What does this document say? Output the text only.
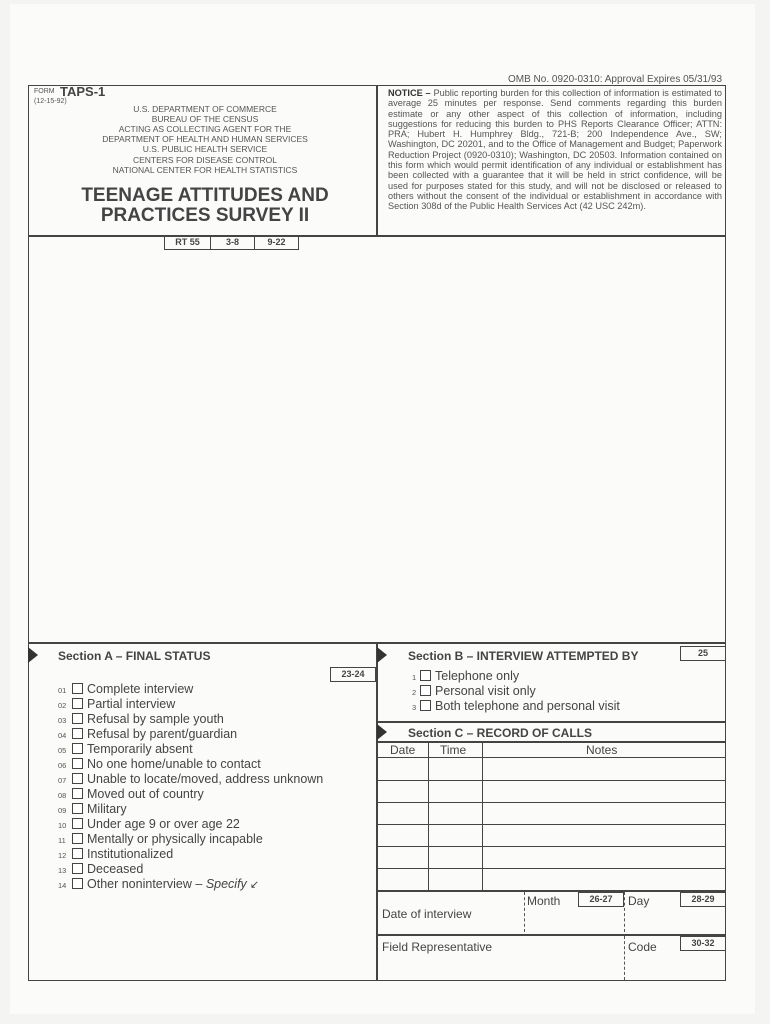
OMB No. 0920-0310: Approval Expires 05/31/93
FORM TAPS-1
(12-15-92)
U.S. DEPARTMENT OF COMMERCE
BUREAU OF THE CENSUS
ACTING AS COLLECTING AGENT FOR THE
DEPARTMENT OF HEALTH AND HUMAN SERVICES
U.S. PUBLIC HEALTH SERVICE
CENTERS FOR DISEASE CONTROL
NATIONAL CENTER FOR HEALTH STATISTICS
TEENAGE ATTITUDES AND
PRACTICES SURVEY II
NOTICE – Public reporting burden for this collection of information is estimated to average 25 minutes per response. Send comments regarding this burden estimate or any other aspect of this collection of information, including suggestions for reducing this burden to PHS Reports Clearance Officer; ATTN: PRA; Hubert H. Humphrey Bldg., 721-B; 200 Independence Ave., SW; Washington, DC 20201, and to the Office of Management and Budget; Paperwork Reduction Project (0920-0310); Washington, DC 20503. Information contained on this form which would permit identification of any individual or establishment has been collected with a guarantee that it will be held in strict confidence, will be used for purposes stated for this study, and will not be disclosed or released to others without the consent of the individual or establishment in accordance with Section 308d of the Public Health Services Act (42 USC 242m).
RT 55	3-8	9-22
Section A – FINAL STATUS
23-24
01 Complete interview
02 Partial interview
03 Refusal by sample youth
04 Refusal by parent/guardian
05 Temporarily absent
06 No one home/unable to contact
07 Unable to locate/moved, address unknown
08 Moved out of country
09 Military
10 Under age 9 or over age 22
11 Mentally or physically incapable
12 Institutionalized
13 Deceased
14 Other noninterview – Specify ↙
Section B – INTERVIEW ATTEMPTED BY	25
1 Telephone only
2 Personal visit only
3 Both telephone and personal visit
Section C – RECORD OF CALLS
Date Time	Notes
Date of interview
Month	26-27	Day	28-29
Field Representative	Code	30-32
